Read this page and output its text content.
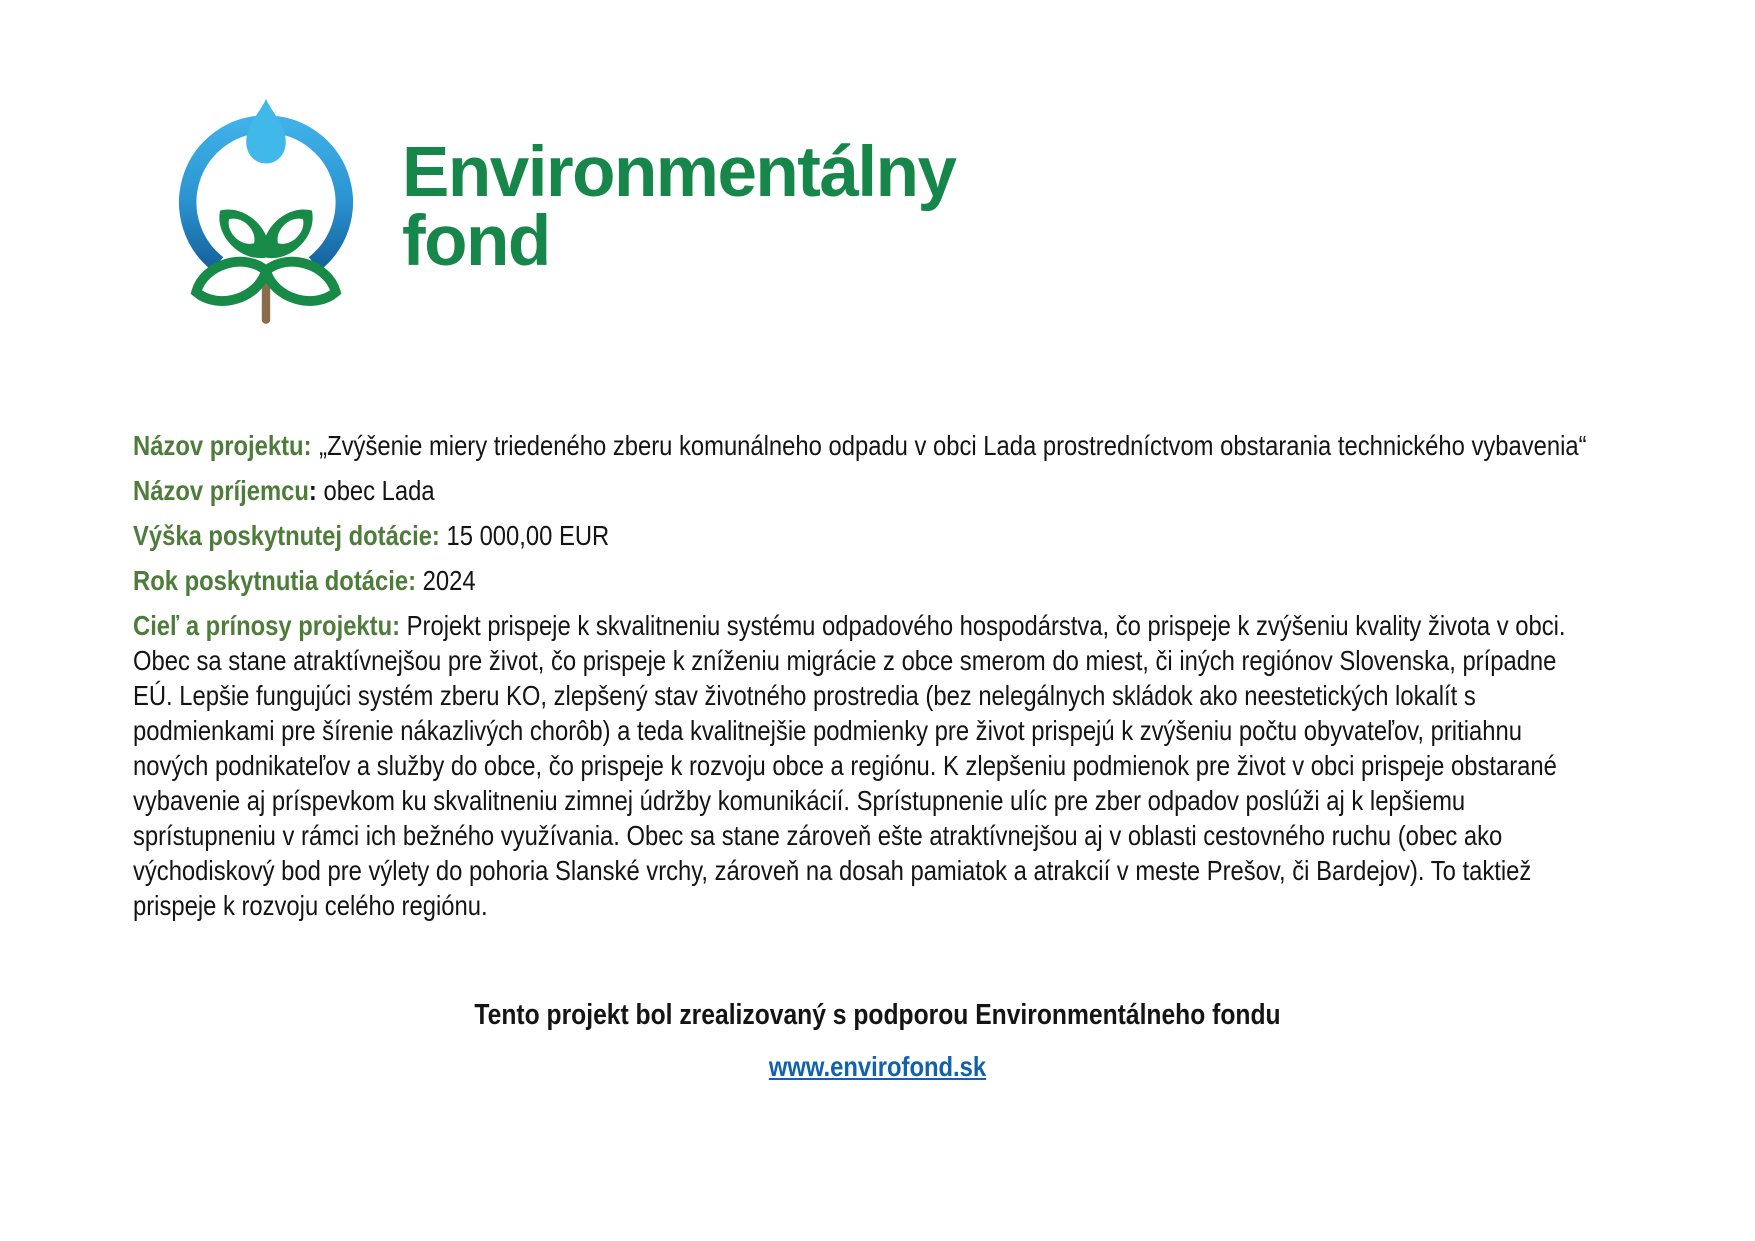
Environmentálny
fond
Názov projektu: „Zvýšenie miery triedeného zberu komunálneho odpadu v obci Lada prostredníctvom obstarania technického vybavenia“

Názov príjemcu: obec Lada

Výška poskytnutej dotácie: 15 000,00 EUR

Rok poskytnutia dotácie: 2024

Cieľ a prínosy projektu: Projekt prispeje k skvalitneniu systému odpadového hospodárstva, čo prispeje k zvýšeniu kvality života v obci. Obec sa stane atraktívnejšou pre život, čo prispeje k zníženiu migrácie z obce smerom do miest, či iných regiónov Slovenska, prípadne EÚ. Lepšie fungujúci systém zberu KO, zlepšený stav životného prostredia (bez nelegálnych skládok ako neestetických lokalít s podmienkami pre šírenie nákazlivých chorôb) a teda kvalitnejšie podmienky pre život prispejú k zvýšeniu počtu obyvateľov, pritiahnu nových podnikateľov a služby do obce, čo prispeje k rozvoju obce a regiónu. K zlepšeniu podmienok pre život v obci prispeje obstarané vybavenie aj príspevkom ku skvalitneniu zimnej údržby komunikácií. Sprístupnenie ulíc pre zber odpadov poslúži aj k lepšiemu sprístupneniu v rámci ich bežného využívania. Obec sa stane zároveň ešte atraktívnejšou aj v oblasti cestovného ruchu (obec ako východiskový bod pre výlety do pohoria Slanské vrchy, zároveň na dosah pamiatok a atrakcií v meste Prešov, či Bardejov). To taktiež prispeje k rozvoju celého regiónu.

Tento projekt bol zrealizovaný s podporou Environmentálneho fondu
www.envirofond.sk
